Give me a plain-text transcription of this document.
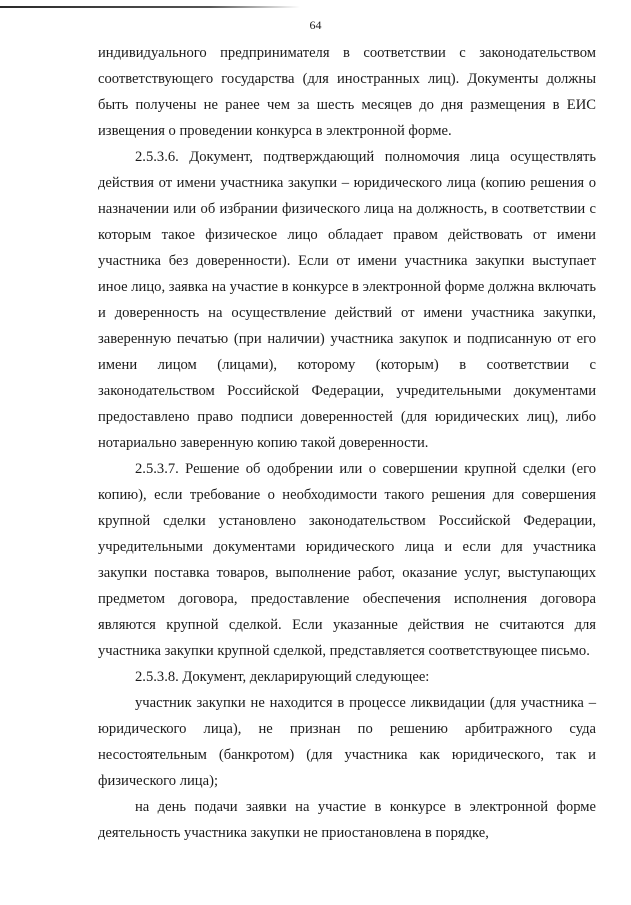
64

индивидуального предпринимателя в соответствии с законодательством соответствующего государства (для иностранных лиц). Документы должны быть получены не ранее чем за шесть месяцев до дня размещения в ЕИС извещения о проведении конкурса в электронной форме.

2.5.3.6. Документ, подтверждающий полномочия лица осуществлять действия от имени участника закупки – юридического лица (копию решения о назначении или об избрании физического лица на должность, в соответствии с которым такое физическое лицо обладает правом действовать от имени участника без доверенности). Если от имени участника закупки выступает иное лицо, заявка на участие в конкурсе в электронной форме должна включать и доверенность на осуществление действий от имени участника закупки, заверенную печатью (при наличии) участника закупок и подписанную от его имени лицом (лицами), которому (которым) в соответствии с законодательством Российской Федерации, учредительными документами предоставлено право подписи доверенностей (для юридических лиц), либо нотариально заверенную копию такой доверенности.

2.5.3.7. Решение об одобрении или о совершении крупной сделки (его копию), если требование о необходимости такого решения для совершения крупной сделки установлено законодательством Российской Федерации, учредительными документами юридического лица и если для участника закупки поставка товаров, выполнение работ, оказание услуг, выступающих предметом договора, предоставление обеспечения исполнения договора являются крупной сделкой. Если указанные действия не считаются для участника закупки крупной сделкой, представляется соответствующее письмо.

2.5.3.8. Документ, декларирующий следующее:

участник закупки не находится в процессе ликвидации (для участника – юридического лица), не признан по решению арбитражного суда несостоятельным (банкротом) (для участника как юридического, так и физического лица);

на день подачи заявки на участие в конкурсе в электронной форме деятельность участника закупки не приостановлена в порядке,
